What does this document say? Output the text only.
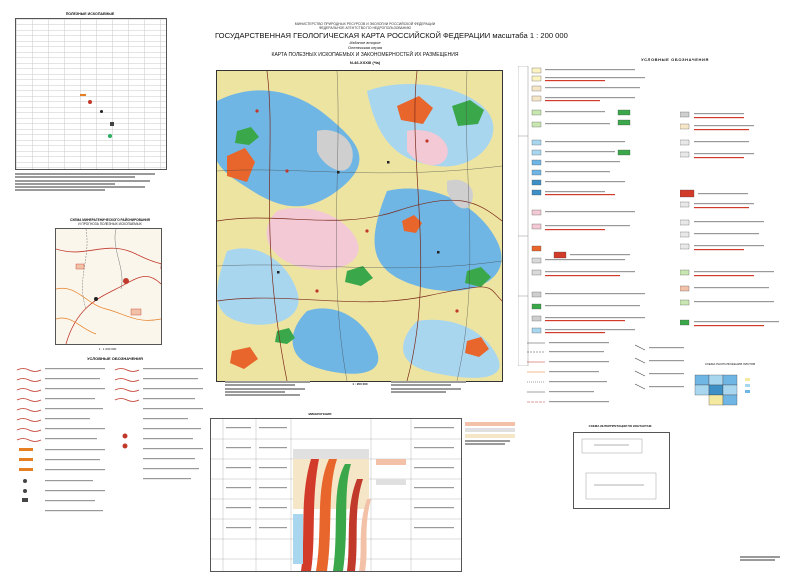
МИНИСТЕРСТВО ПРИРОДНЫХ РЕСУРСОВ И ЭКОЛОГИИ РОССИЙСКОЙ ФЕДЕРАЦИИ
ФЕДЕРАЛЬНОЕ АГЕНТСТВО ПО НЕДРОПОЛЬЗОВАНИЮ
ГОСУДАРСТВЕННАЯ ГЕОЛОГИЧЕСКАЯ КАРТА РОССИЙСКОЙ ФЕДЕРАЦИИ масштаба 1 : 200 000
Издание второе
Оленекская серия
КАРТА ПОЛЕЗНЫХ ИСКОПАЕМЫХ И ЗАКОНОМЕРНОСТЕЙ ИХ РАЗМЕЩЕНИЯ
N-46-XXXIII (Ча)
ПОЛЕЗНЫЕ ИСКОПАЕМЫЕ
СХЕМА МИНЕРАГЕНИЧЕСКОГО РАЙОНИРОВАНИЯ
И ПРОГНОЗА ПОЛЕЗНЫХ ИСКОПАЕМЫХ
1 : 1 000 000
УСЛОВНЫЕ ОБОЗНАЧЕНИЯ
1 : 200 000
МИНЕРАГЕНИЯ
СХЕМА ИНТЕРПРЕТАЦИИ ПО КОНТАКТАМ
УСЛОВНЫЕ ОБОЗНАЧЕНИЯ
СХЕМА РАСПОЛОЖЕНИЯ ЛИСТОВ
